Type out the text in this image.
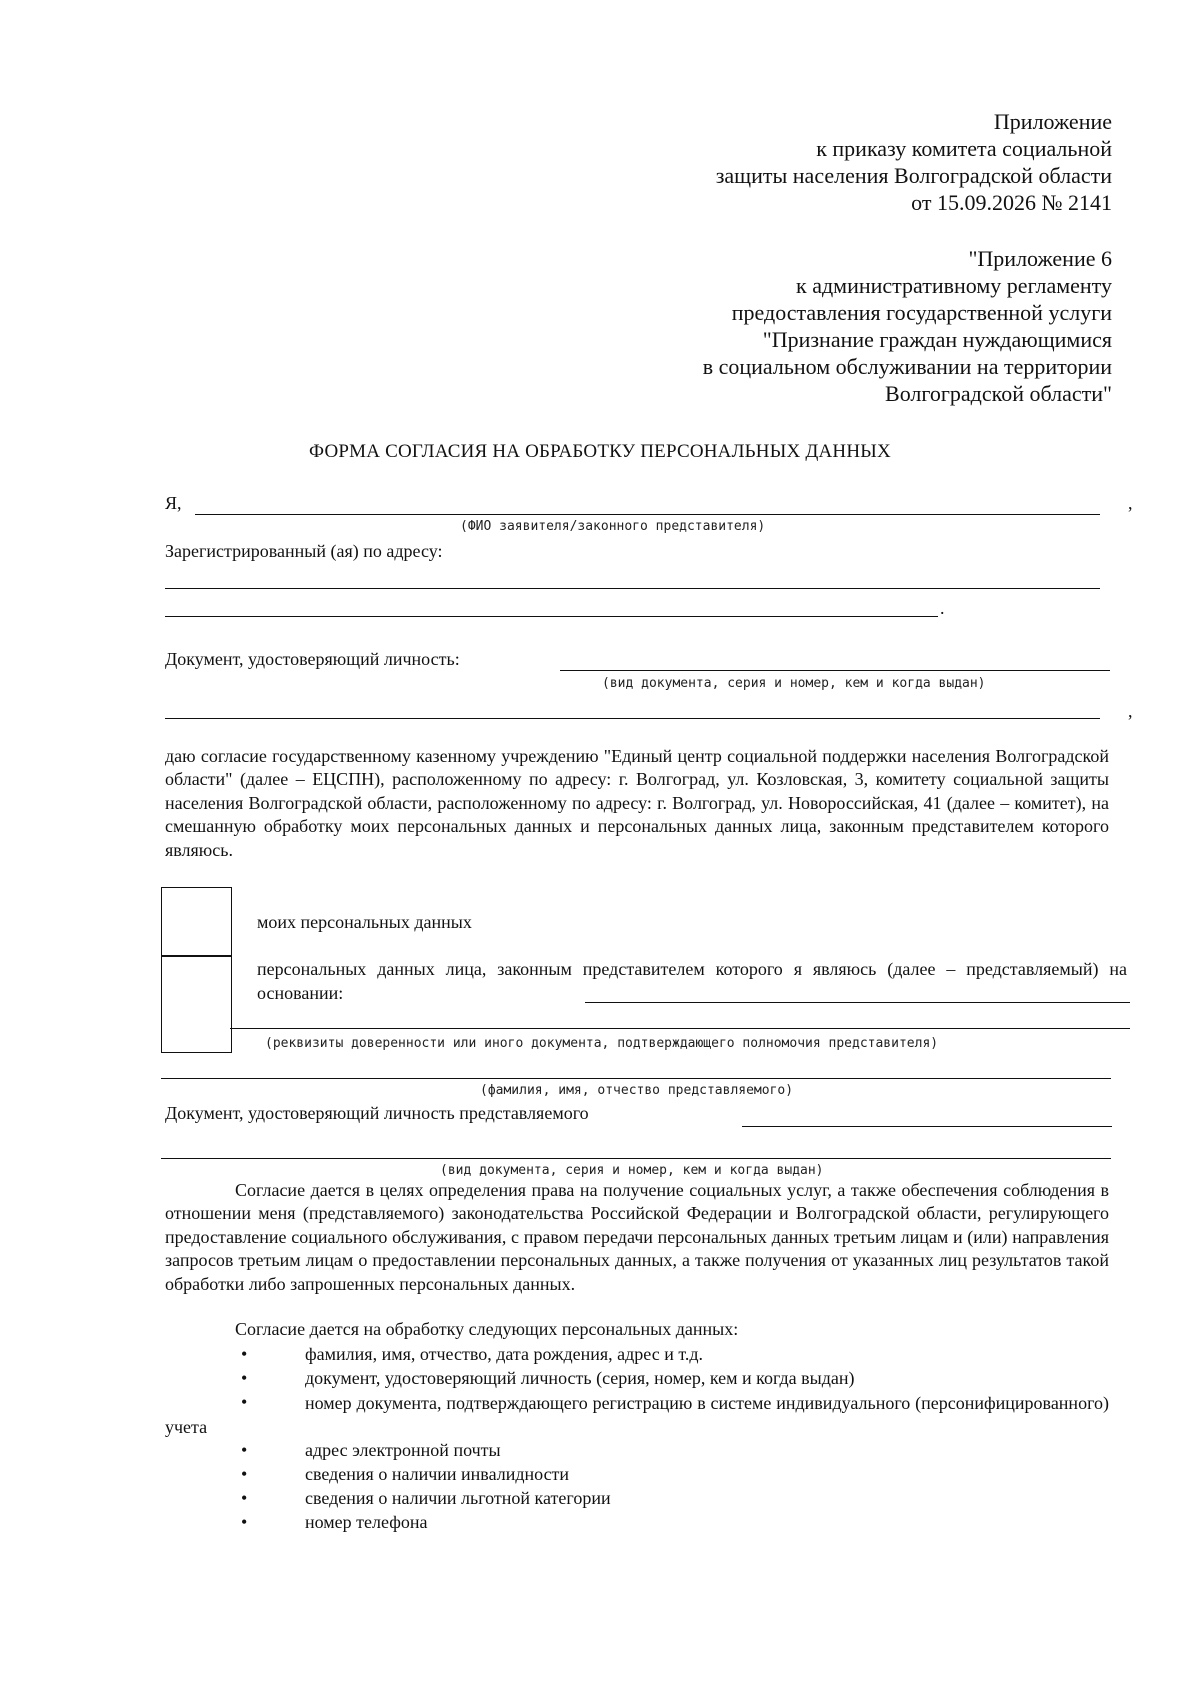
Приложение
к приказу комитета социальной
защиты населения Волгоградской области
от 15.09.2026 № 2141
"Приложение 6
к административному регламенту
предоставления государственной услуги
"Признание граждан нуждающимися
в социальном обслуживании на территории
Волгоградской области"
ФОРМА СОГЛАСИЯ НА ОБРАБОТКУ ПЕРСОНАЛЬНЫХ ДАННЫХ
Я,	,
(ФИО заявителя/законного представителя)
Зарегистрированный (ая) по адресу:
.
Документ, удостоверяющий личность:
(вид документа, серия и номер, кем и когда выдан)
,
даю согласие государственному казенному учреждению "Единый центр социальной поддержки населения Волгоградской области" (далее – ЕЦСПН), расположенному по адресу: г. Волгоград, ул. Козловская, 3, комитету социальной защиты населения Волгоградской области, расположенному по адресу: г. Волгоград, ул. Новороссийская, 41 (далее – комитет), на смешанную обработку моих персональных данных и персональных данных лица, законным представителем которого являюсь.
моих персональных данных
персональных данных лица, законным представителем которого я являюсь (далее – представляемый) на основании:
(реквизиты доверенности или иного документа, подтверждающего полномочия представителя)
(фамилия, имя, отчество представляемого)
Документ, удостоверяющий личность представляемого
(вид документа, серия и номер, кем и когда выдан)
Согласие дается в целях определения права на получение социальных услуг, а также обеспечения соблюдения в отношении меня (представляемого) законодательства Российской Федерации и Волгоградской области, регулирующего предоставление социального обслуживания, с правом передачи персональных данных третьим лицам и (или) направления запросов третьим лицам о предоставлении персональных данных, а также получения от указанных лиц результатов такой обработки либо запрошенных персональных данных.
Согласие дается на обработку следующих персональных данных:
•	фамилия, имя, отчество, дата рождения, адрес и т.д.
•	документ, удостоверяющий личность (серия, номер, кем и когда выдан)
•	номер документа, подтверждающего регистрацию в системе индивидуального (персонифицированного) учета
•	адрес электронной почты
•	сведения о наличии инвалидности
•	сведения о наличии льготной категории
•	номер телефона
